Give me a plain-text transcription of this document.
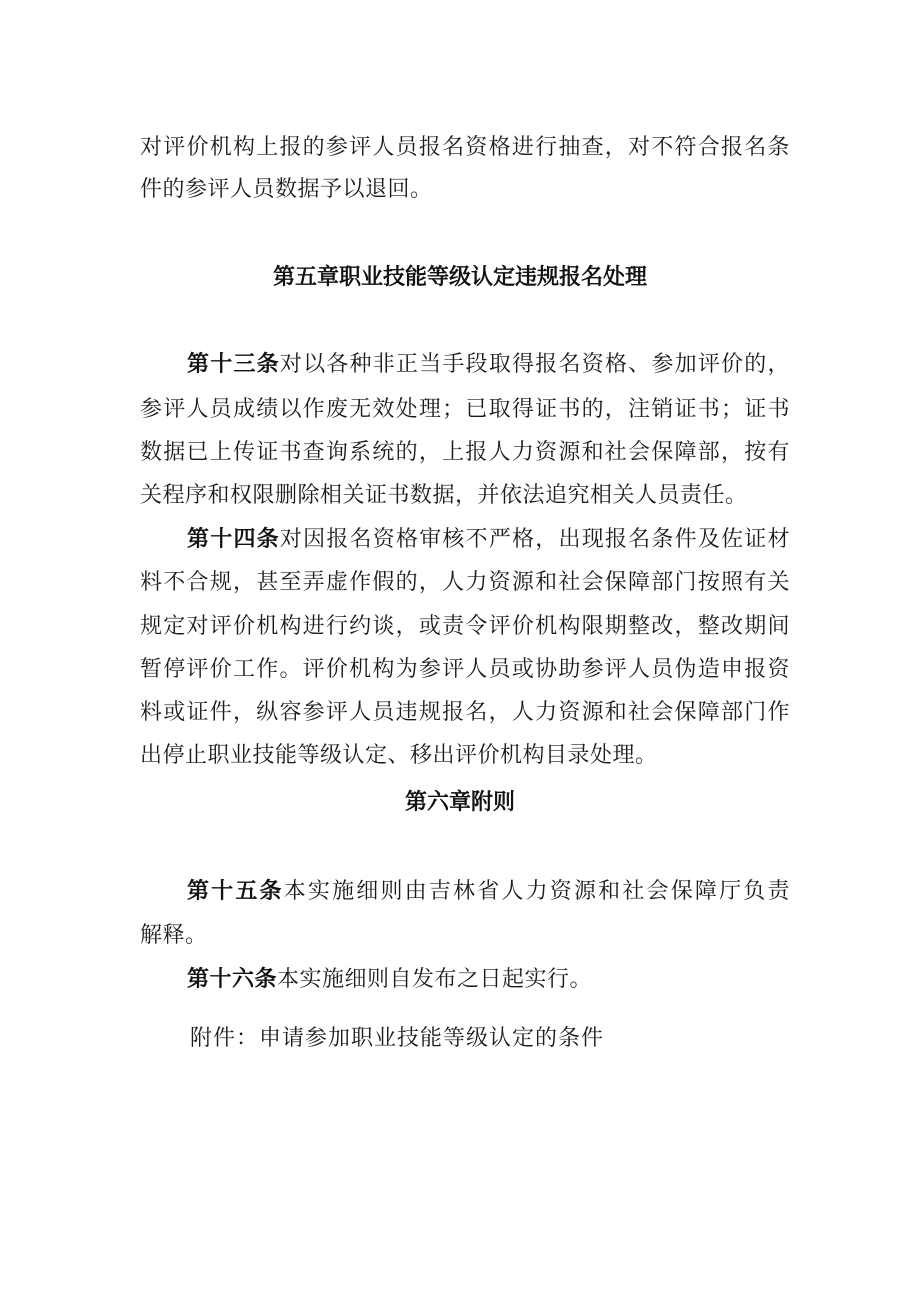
对评价机构上报的参评人员报名资格进行抽查，对不符合报名条
件的参评人员数据予以退回。
第五章职业技能等级认定违规报名处理
第十三条对以各种非正当手段取得报名资格、参加评价的，
参评人员成绩以作废无效处理；已取得证书的，注销证书；证书
数据已上传证书查询系统的，上报人力资源和社会保障部，按有
关程序和权限删除相关证书数据，并依法追究相关人员责任。
第十四条对因报名资格审核不严格，出现报名条件及佐证材
料不合规，甚至弄虚作假的，人力资源和社会保障部门按照有关
规定对评价机构进行约谈，或责令评价机构限期整改，整改期间
暂停评价工作。评价机构为参评人员或协助参评人员伪造申报资
料或证件，纵容参评人员违规报名，人力资源和社会保障部门作
出停止职业技能等级认定、移出评价机构目录处理。
第六章附则
第十五条本实施细则由吉林省人力资源和社会保障厅负责
解释。
第十六条本实施细则自发布之日起实行。
附件：申请参加职业技能等级认定的条件
